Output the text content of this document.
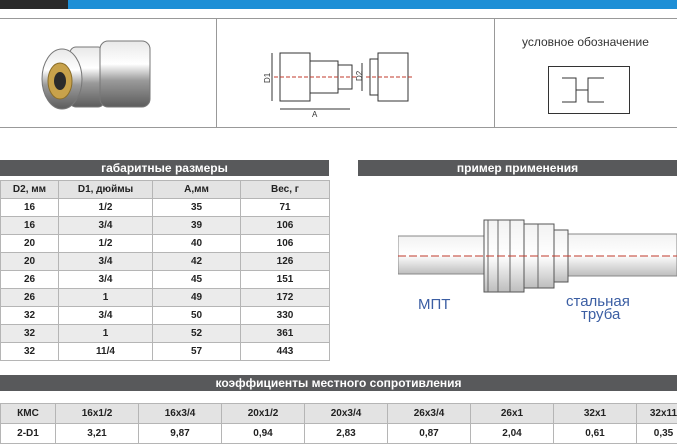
D1	D2
A
условное обозначение
габаритные размеры
D2, мм	D1, дюймы	A,мм	Вес, г
16	1/2	35	71
16	3/4	39	106
20	1/2	40	106
20	3/4	42	126
26	3/4	45	151
26	1	49	172
32	3/4	50	330
32	1	52	361
32	11/4	57	443
пример применения
МПТ	стальная
труба
коэффициенты местного сопротивления
КМС	16х1/2	16х3/4	20х1/2	20х3/4	26х3/4	26х1	32х1	32х11
2-D1	3,21	9,87	0,94	2,83	0,87	2,04	0,61	0,35
